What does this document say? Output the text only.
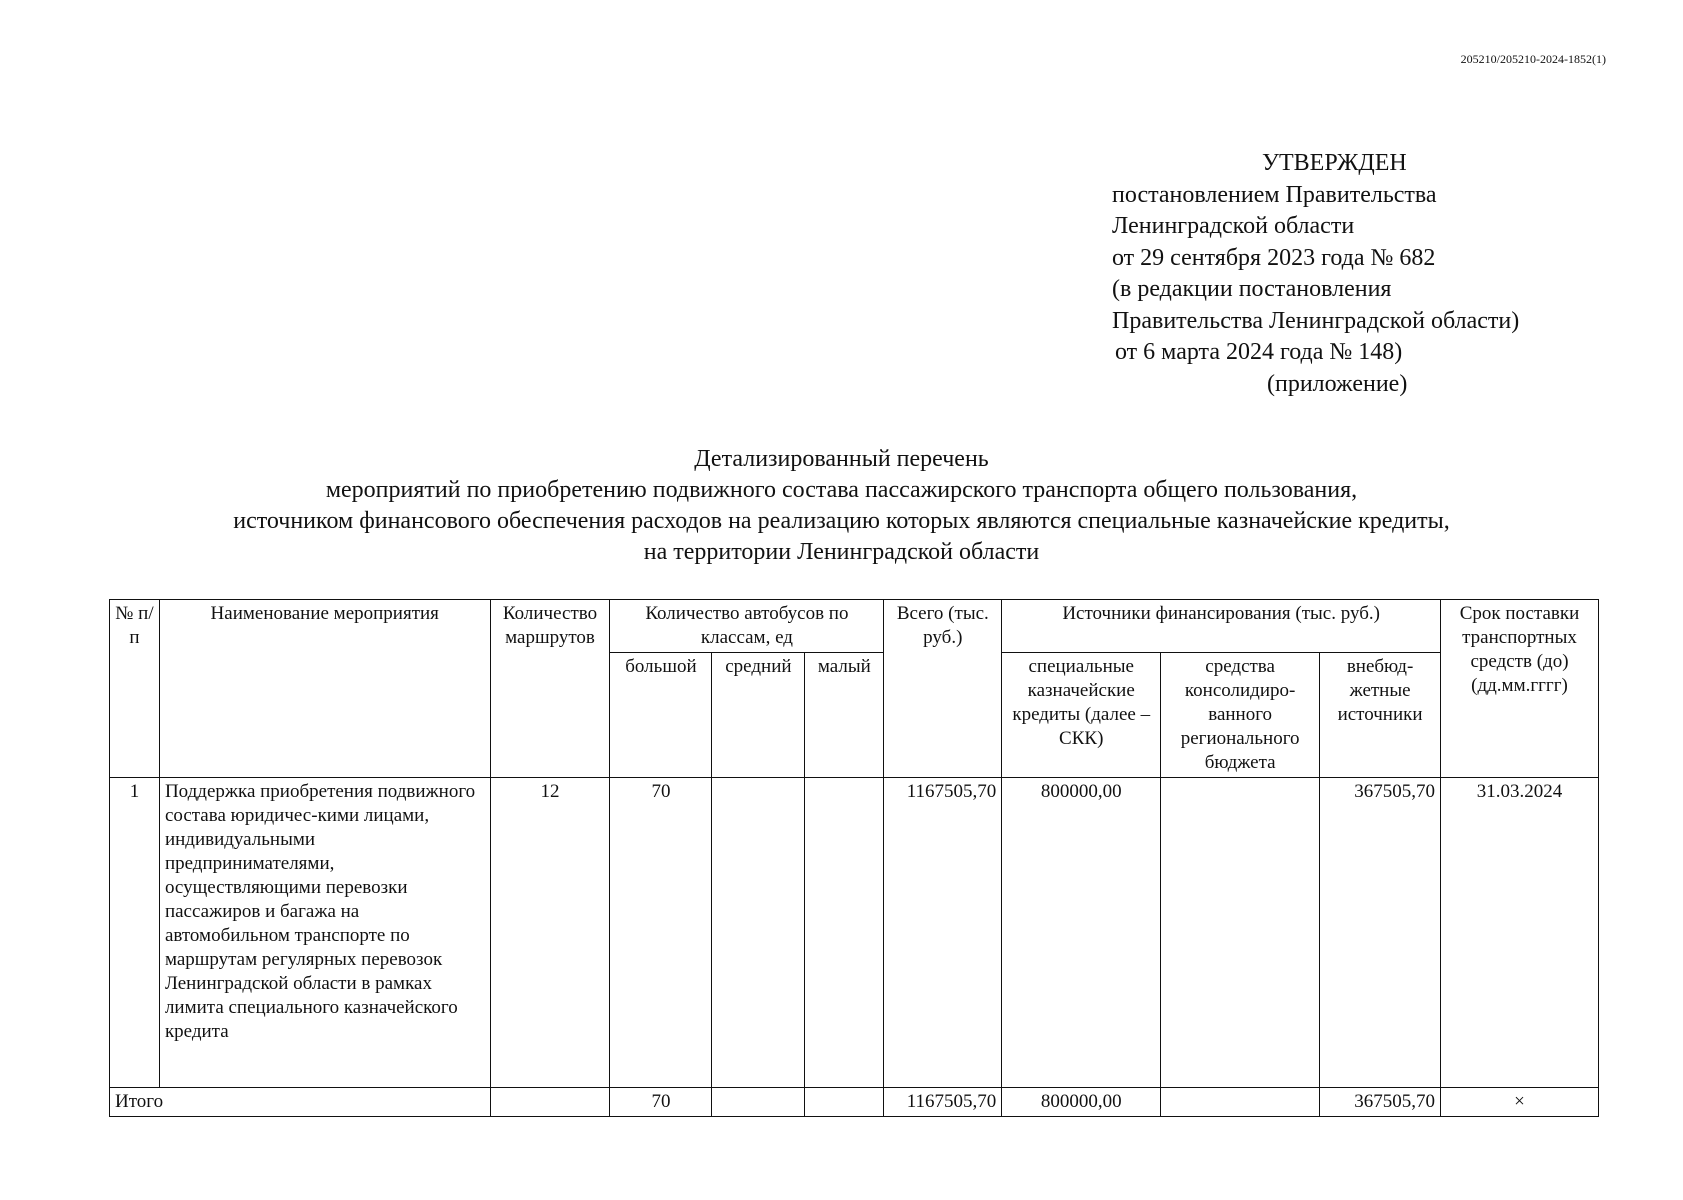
205210/205210-2024-1852(1)
УТВЕРЖДЕН
постановлением Правительства
Ленинградской области
от 29 сентября 2023 года № 682
(в редакции постановления
Правительства Ленинградской области)
от 6 марта 2024 года № 148)
(приложение)
Детализированный перечень
мероприятий по приобретению подвижного состава пассажирского транспорта общего пользования,
источником финансового обеспечения расходов на реализацию которых являются специальные казначейские кредиты,
на территории Ленинградской области
№ п/п	Наименование мероприятия	Количество маршрутов	Количество автобусов по классам, ед			Всего (тыс. руб.)	Источники финансирования (тыс. руб.)			Срок поставки транспортных средств (до) (дд.мм.гггг)
			большой	средний	малый		специальные казначейские кредиты (далее – СКК)	средства консолидиро-ванного регионального бюджета	внебюд-жетные источники	
1	Поддержка приобретения подвижного состава юридичес-кими лицами, индивидуальными предпринимателями, осуществляющими перевозки пассажиров и багажа на автомобильном транспорте по маршрутам регулярных перевозок Ленинградской области в рамках лимита специального казначейского кредита	12	70			1167505,70	800000,00		367505,70	31.03.2024
Итого			70			1167505,70	800000,00		367505,70	×
